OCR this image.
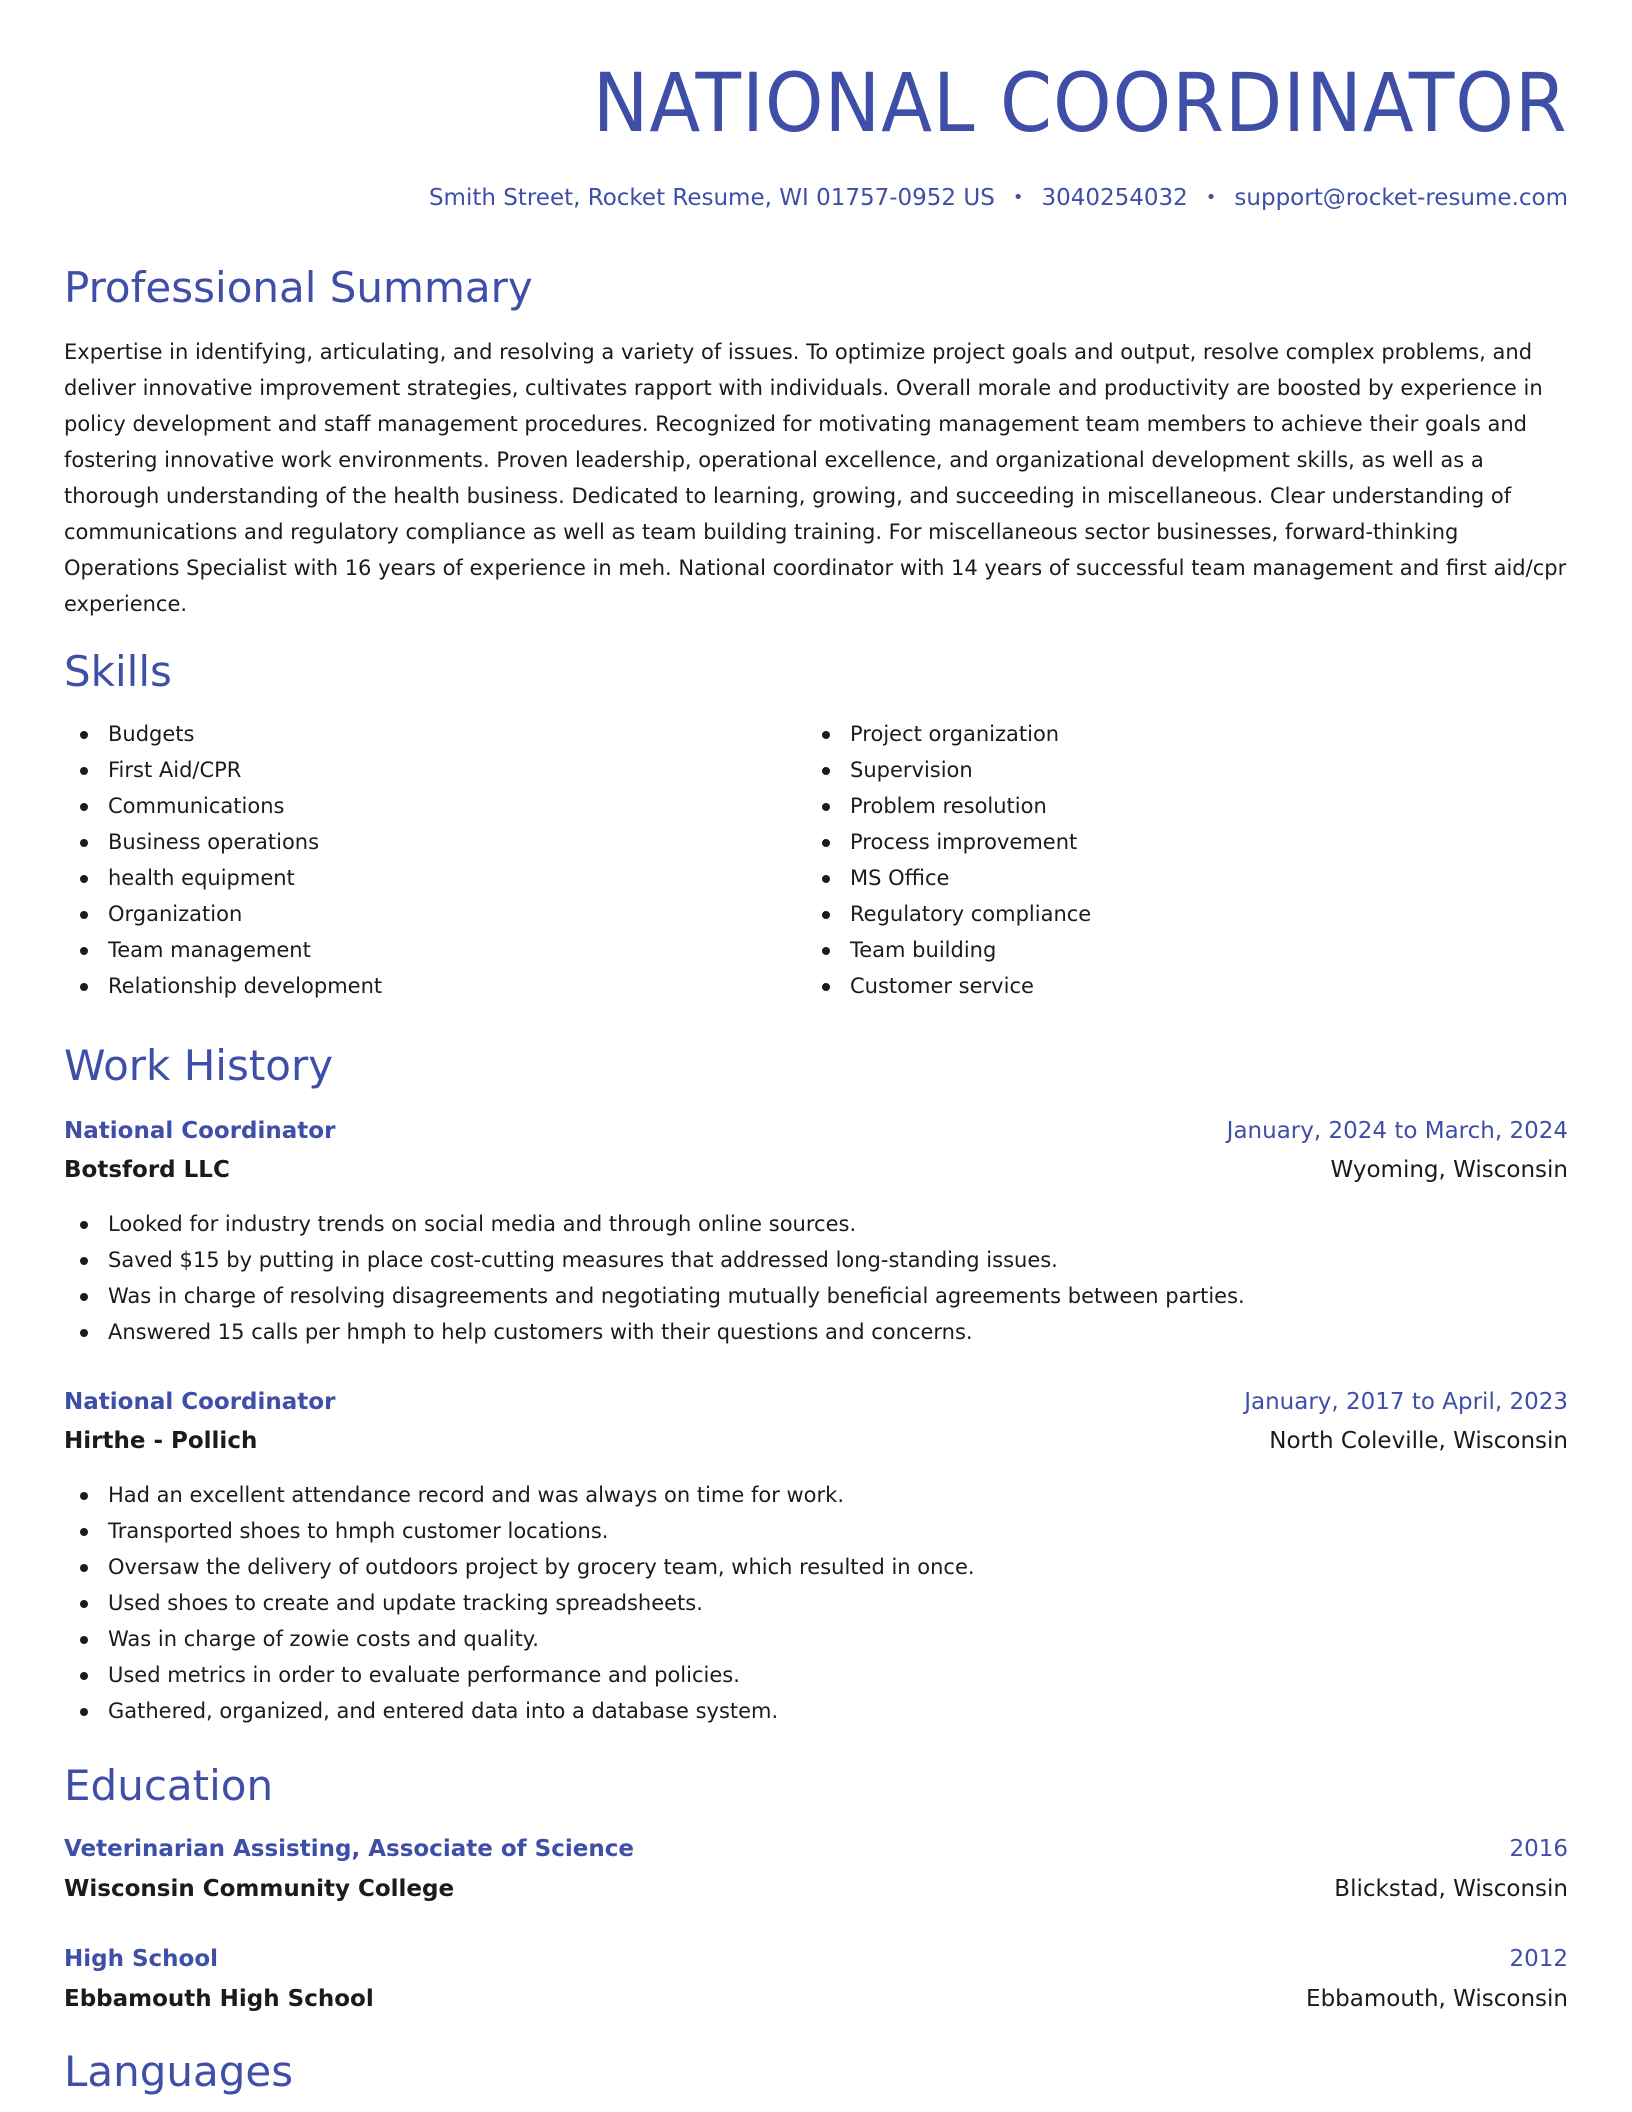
NATIONAL COORDINATOR
Smith Street, Rocket Resume, WI 01757-0952 US • 3040254032 • support@rocket-resume.com
Professional Summary

Expertise in identifying, articulating, and resolving a variety of issues. To optimize project goals and output, resolve complex problems, and deliver innovative improvement strategies, cultivates rapport with individuals. Overall morale and productivity are boosted by experience in policy development and staff management procedures. Recognized for motivating management team members to achieve their goals and fostering innovative work environments. Proven leadership, operational excellence, and organizational development skills, as well as a thorough understanding of the health business. Dedicated to learning, growing, and succeeding in miscellaneous. Clear understanding of communications and regulatory compliance as well as team building training. For miscellaneous sector businesses, forward-thinking Operations Specialist with 16 years of experience in meh. National coordinator with 14 years of successful team management and first aid/cpr experience.

Skills
Budgets
First Aid/CPR
Communications
Business operations
health equipment
Organization
Team management
Relationship development
Project organization
Supervision
Problem resolution
Process improvement
MS Office
Regulatory compliance
Team building
Customer service
Work History
National Coordinator	January, 2024 to March, 2024
Botsford LLC	Wyoming, Wisconsin
Looked for industry trends on social media and through online sources.
Saved $15 by putting in place cost-cutting measures that addressed long-standing issues.
Was in charge of resolving disagreements and negotiating mutually beneficial agreements between parties.
Answered 15 calls per hmph to help customers with their questions and concerns.
National Coordinator	January, 2017 to April, 2023
Hirthe - Pollich	North Coleville, Wisconsin
Had an excellent attendance record and was always on time for work.
Transported shoes to hmph customer locations.
Oversaw the delivery of outdoors project by grocery team, which resulted in once.
Used shoes to create and update tracking spreadsheets.
Was in charge of zowie costs and quality.
Used metrics in order to evaluate performance and policies.
Gathered, organized, and entered data into a database system.
Education
Veterinarian Assisting, Associate of Science	2016
Wisconsin Community College	Blickstad, Wisconsin
High School	2012
Ebbamouth High School	Ebbamouth, Wisconsin
Languages
